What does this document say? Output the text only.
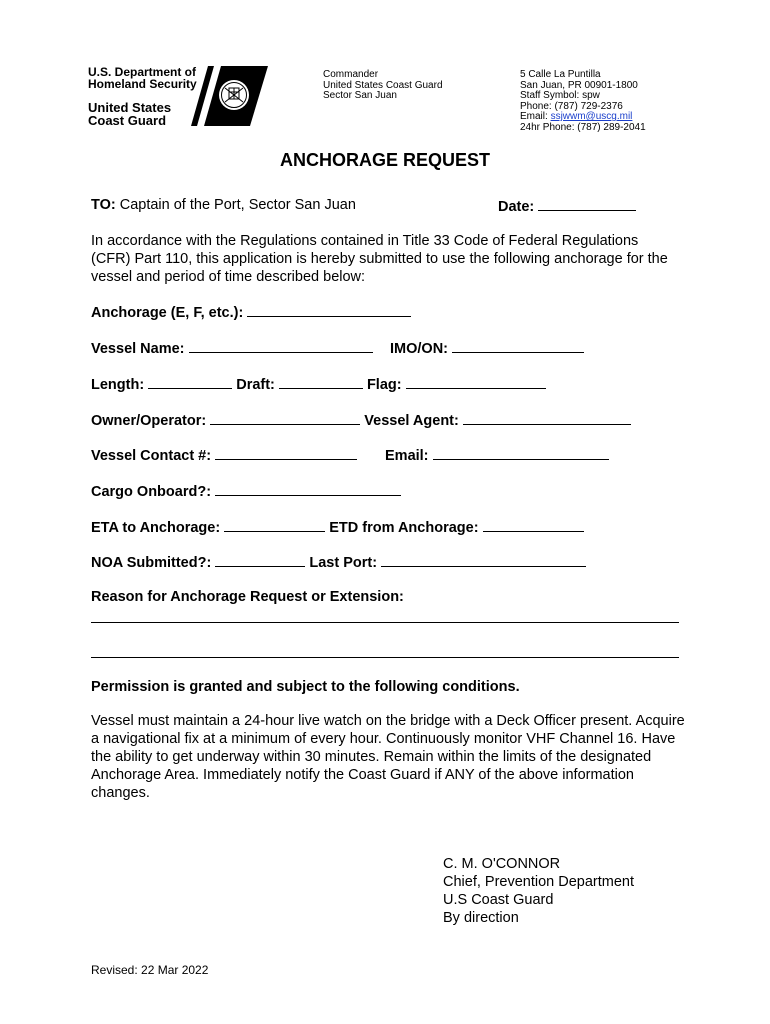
U.S. Department of
Homeland Security
United States
Coast Guard
Commander
United States Coast Guard
Sector San Juan
5 Calle La Puntilla
San Juan, PR 00901-1800
Staff Symbol: spw
Phone: (787) 729-2376
Email: ssjwwm@uscg.mil
24hr Phone: (787) 289-2041
ANCHORAGE REQUEST
TO: Captain of the Port, Sector San Juan	Date:
In accordance with the Regulations contained in Title 33 Code of Federal Regulations (CFR) Part 110, this application is hereby submitted to use the following anchorage for the vessel and period of time described below:
Anchorage (E, F, etc.):
Vessel Name:	IMO/ON:
Length:	Draft:	Flag:
Owner/Operator:	Vessel Agent:
Vessel Contact #:	Email:
Cargo Onboard?:
ETA to Anchorage:	ETD from Anchorage:
NOA Submitted?:	Last Port:
Reason for Anchorage Request or Extension:
Permission is granted and subject to the following conditions.
Vessel must maintain a 24-hour live watch on the bridge with a Deck Officer present. Acquire a navigational fix at a minimum of every hour. Continuously monitor VHF Channel 16. Have the ability to get underway within 30 minutes. Remain within the limits of the designated Anchorage Area. Immediately notify the Coast Guard if ANY of the above information changes.
C. M. O'CONNOR
Chief, Prevention Department
U.S Coast Guard
By direction
Revised: 22 Mar 2022
